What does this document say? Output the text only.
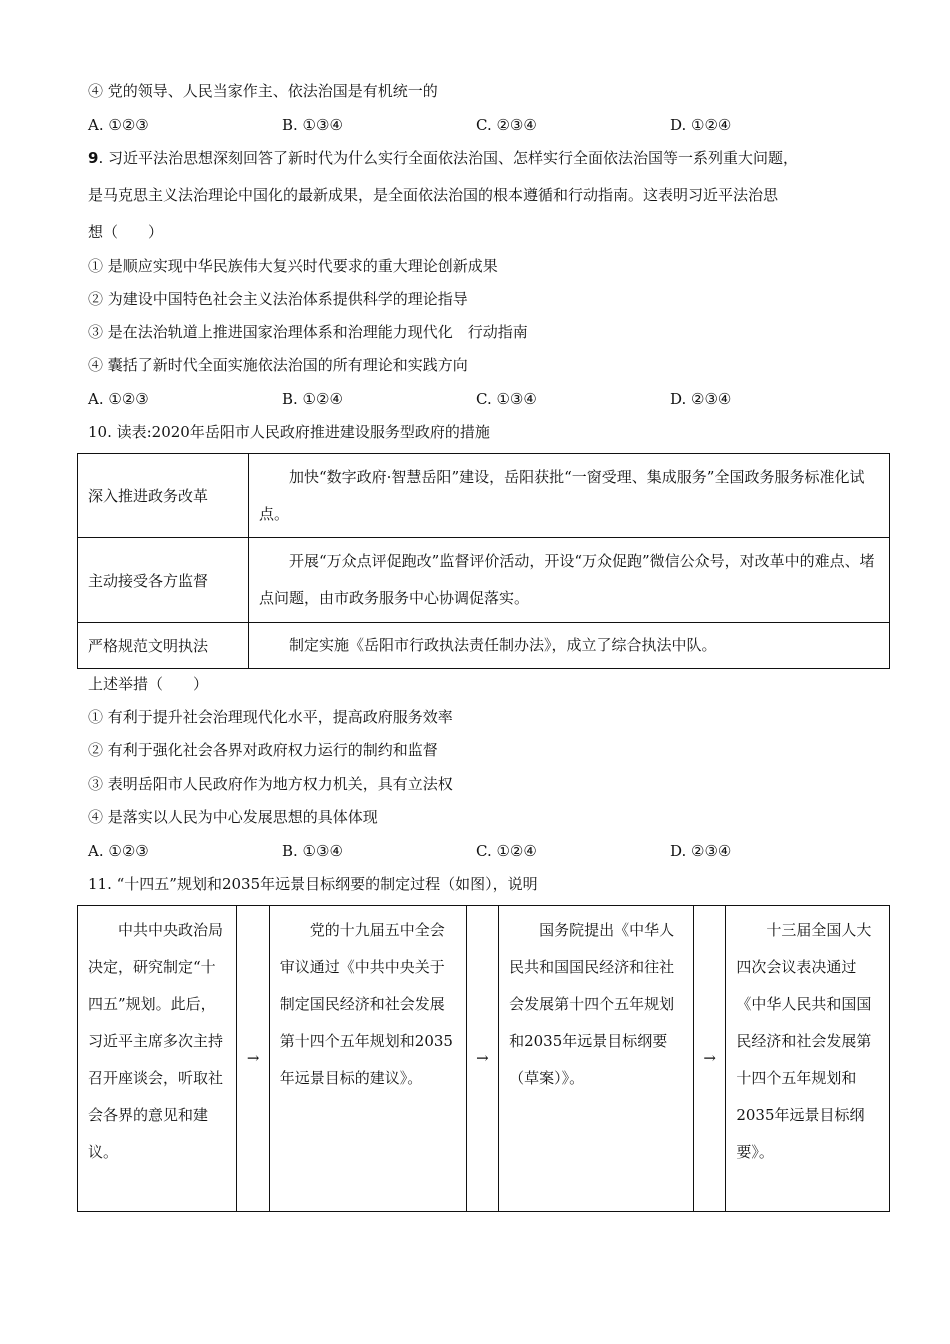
④ 党的领导、人民当家作主、依法治国是有机统一的
A. ①②③	B. ①③④	C. ②③④	D. ①②④
9. 习近平法治思想深刻回答了新时代为什么实行全面依法治国、怎样实行全面依法治国等一系列重大问题，
是马克思主义法治理论中国化的最新成果，是全面依法治国的根本遵循和行动指南。这表明习近平法治思
想（　　）
① 是顺应实现中华民族伟大复兴时代要求的重大理论创新成果
② 为建设中国特色社会主义法治体系提供科学的理论指导
③ 是在法治轨道上推进国家治理体系和治理能力现代化　行动指南
④ 囊括了新时代全面实施依法治国的所有理论和实践方向
A. ①②③	B. ①②④	C. ①③④	D. ②③④
10. 读表:2020年岳阳市人民政府推进建设服务型政府的措施
深入推进政务改革	加快“数字政府·智慧岳阳”建设，岳阳获批“一窗受理、集成服务”全国政务服务标准化试点。
主动接受各方监督	开展“万众点评促跑改”监督评价活动，开设“万众促跑”微信公众号，对改革中的难点、堵点问题，由市政务服务中心协调促落实。
严格规范文明执法	制定实施《岳阳市行政执法责任制办法》，成立了综合执法中队。
上述举措（　　）
① 有利于提升社会治理现代化水平，提高政府服务效率
② 有利于强化社会各界对政府权力运行的制约和监督
③ 表明岳阳市人民政府作为地方权力机关，具有立法权
④ 是落实以人民为中心发展思想的具体体现
A. ①②③	B. ①③④	C. ①②④	D. ②③④
11. “十四五”规划和2035年远景目标纲要的制定过程（如图），说明
中共中央政治局决定，研究制定“十四五”规划。此后，习近平主席多次主持召开座谈会，听取社会各界的意见和建议。	→	党的十九届五中全会审议通过《中共中央关于制定国民经济和社会发展第十四个五年规划和2035年远景目标的建议》。	→	国务院提出《中华人民共和国国民经济和往社会发展第十四个五年规划和2035年远景目标纲要（草案）》。	→	十三届全国人大四次会议表决通过《中华人民共和国国民经济和社会发展第十四个五年规划和2035年远景目标纲要》。
